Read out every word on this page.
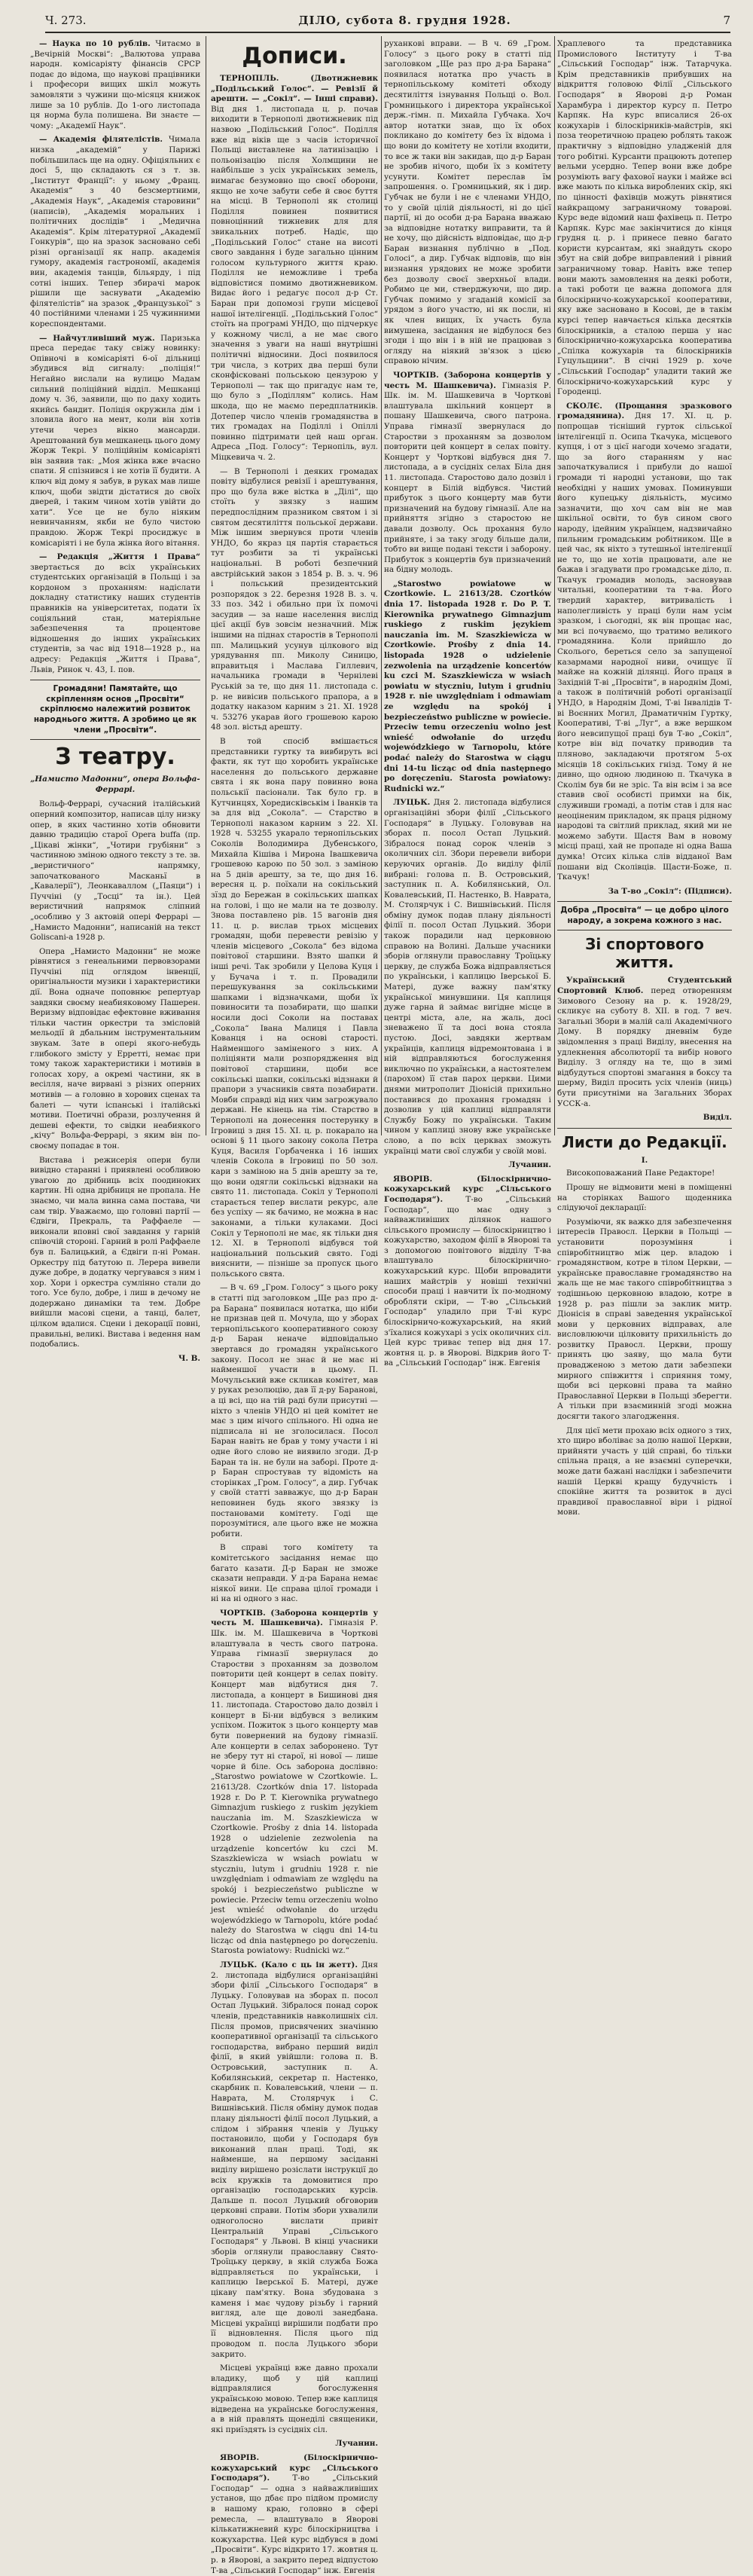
Ч. 273.	ДІЛО, субота 8. грудня 1928.	7

— Наука по 10 рублів. Читаємо в „Вечірній Москві“: „Валютова управа народн. комісаріяту фінансів СРСР подає до відома, що наукові працівники і професори вищих шкіл можуть замовляти з чужини що-місяця книжок лише за 10 рублів. До 1-ого листопада ця норма була полишена. Ви знаєте — чому: „Академії Наук“.

— Академія філятелістів. Чимала низка „академій“ у Парижі побільшилась ще на одну. Офіціяльних є досі 5, що складають ся з т. зв. „Інститут Франції“: у ньому „Франц. Академія“ з 40 безсмертними, „Академія Наук“, „Академія старовини“ (написів), „Академія моральних і політичних дослідів“ і „Медична Академія“. Крім літературної „Академії Гонкурів“, що на зразок засновано себі різні організації як напр. академія гумору, академія гастрономії, академія вин, академія танців, більярду, і під сотні інших. Тепер збирачі марок рішили ще заснувати „Академію філятелістів“ на зразок „Французької“ з 40 постійними членами і 25 чужинними кореспондентами.

— Найчутливіший муж. Паризька преса передає таку свіжу новинку: Опівночі в комісаріяті 6-ої дільниці збудився від сигналу: „поліція!“ Негайно вислали на вулицю Мадам сильний поліційний відділ. Мешканці дому ч. 36, заявили, що по даху ходить якийсь бандит. Поліція окружила дім і зловила його на мент, коли він хотів утечи через вікно мансарди. Арештований був мешканець цього дому Жорж Текрі. У поліційнім комісаріяті він заявив так: „Моя жінка вже вчасно спати. Я спізнився і не хотів її будити. А ключ від дому я забув, в руках мав лише ключ, щоби звідти дістатися до своїх дверей, і таким чином хотів увійти до хати“. Усе це не було ніяким невинчанням, якби не було чистою правдою. Жорж Текрі просиджує в комісаріяті і не була жінка його вітання.

— Редакція „Життя і Права“ звертається до всіх українських студентських організацій в Польщі і за кордоном з проханням: надіслати докладну статистику наших студентів правників на університетах, подати їх соціяльний стан, матеріяльне забезпечення та процентове відношення до інших українських студентів, за час від 1918—1928 р., на адресу: Редакція „Життя і Права“, Львів, Ринок ч. 43, І. пов.

Громадяни! Памятайте, що скріпленням основ „Просвіти“ скріплюємо належитий розвиток народнього життя. А зробимо це як члени „Просвіти“.
З театру.

„Намисто Мадонни“, опера Вольфа-Феррарі.

Вольф-Феррарі, сучасний італійський оперний композитор, написав цілу низку опер, в яких частинно хотів обновити давню традицію старої Opera buffa (пр. „Цікаві жінки“, „Чотири грубіяни“ з частинною зміною одного тексту з те. зв. „веристичного“ напрямку, започаткованого Масканьї в „Кавалерії“), Леонкаваллом („Паяци“) і Пуччіні (у „Тосці“ та ін.). Цей веристичний напрямок сліпний „особливо у 3 актовій опері Феррарі — „Намисто Мадонни“, написаній на текст Goliscani-a 1928 р.

Опера „Намисто Мадонни“ не може рівнятися з генеальними первовзорами Пуччіні під оглядом інвенції, оригінальности музики і характеристики дії. Вона одначе поповнює репертуар завдяки своєму неабияковому Пашерен. Веризму відповідає ефектовне вживання тільки частин оркестри та змісловій мельодії й дбальним інструментальним звукам. Зате в опері якого-небудь глибокого змісту у Ерретті, немає при тому також характеристики і мотивів в голосах хору, а окремі частини, як в весілля, наче вирвані з різних оперних мотивів — а головно в хорових сценах та балеті — чути іспанські і італійські мотиви. Поетичні образи, розлучення й дешеві ефекти, то свідки неабиякого „кічу“ Вольфа-Феррарі, з яким він по-своєму попадає в тон.

Вистава і режисерія опери були вивідно старанні і приявлені особливою увагою до дрібниць всіх поодиноких картин. Ні одна дрібниця не пропала. Не знаємо, чи мала винна сама постава, чи сам твір. Уважаємо, що головні партії — Єдвіги, Прекраль, та Раффаеле — виконали вповні свої завдання у гарній співочій стороні. Гарний в ролі Раффаеле був п. Балицький, а Єдвіги п-ні Роман. Оркестру під батутою п. Лерера вивели дуже добре, в додатку чергувався з ним і хор. Хори і оркестра сумлінно стали до того. Усе було, добре, і лиш в дечому не додержано динаміки та тем. Добре вийшли масові сцени, а танці, балет, цілком вдалися. Сцени і декорації повні, правильні, великі. Вистава і ведення нам подобались.

Ч. В.

Дописи.

ТЕРНОПІЛЬ. (Двотижневик „Подільський Голос“. — Ревізії й арешти. — „Сокіл“. — Інші справи). Від дня 1. листопада ц. р. почав виходити в Тернополі двотижневик під назвою „Подільський Голос“. Поділля вже від віків ще з часів історичної Польщі виставлене на латинізацію і польонізацію після Холмщини не найбільше з усіх українських земель, вимагає безумовно що своєї оборони, якщо не хоче забути себе й своє буття на місці. В Тернополі як столиці Поділля повинен появитися повноцінний тижневик для для звикальних потреб. Надіє, що „Подільський Голос“ стане на висоті свого завдання і буде загально цінним голосом культурного життя краю. Поділля не неможливе і треба відповістися помимо двотижневиком. Видає його і редагує посол д-р Ст. Баран при допомозі групи місцевої нашої інтелігенції. „Подільський Голос“ стоїть на програмі УНДО, що підчеркує у кожному числі, а не має свого значення з уваги на наші внутрішні політичні відносини. Досі появилося три числа, з котрих два перші були сконфісковані польською цензурою у Тернополі — так що пригадує нам те, що було з „Поділлям“ колись. Нам шкода, що не маємо передплатників. Дотепер число членів громадянства в тих громадах на Поділлі і Опіллі повинно підтримати цей наш орган. Адреса „Под. Голосу“: Тернопіль, вул. Міцкевича ч. 2.

— В Тернополі і деяких громадах повіту відбулися ревізії і арештування, про що була вже вістка в „Ділі“, що стоїть у звязку з нашим передпослідним празником святом і зі святом десятиліття польської держави. Між іншим звернувся проти членів УНДО, бо якраз ця партія старається тут розбити за ті українські національні. В роботі безпечний австрійський закон з 1854 р. В. з. ч. 96 і польський президентський розпорядок з 22. березня 1928 В. з. ч. 33 поз. 342 і обильно при їх помочі засудив — за наше населення вислід цієї акції був зовсім незначний. Між іншими на піднах старостів в Тернополі пп. Малицький усунув цілкового від урядування пп. Миколу Синицю, вправитьця і Маслава Гиллевич, начальника громади в Чернілеві Руській за те, що дня 11. листопада с. р. не вивісив польського прапора, а в додатку наказом карним з 21. XI. 1928 ч. 53276 укарав його грошевою карою 48 зол. вістьд арешту.

В той спосіб вмішається представники гуртку та вивбируть всі факти, як тут що хоробить українське населення до польського державне свята і як вона пару повинно вона польськії пасіонали. Так було гр. в Кутчинцях, Хоредисківськім і Іванків та за для від „Сокола“. — Старство в Тернополі наказом карним з 22. ХІ. 1928 ч. 53255 укарало тернопільських Соколів Володимира Дубенського, Михайла Кішіва і Мирона Івашкевича грошевою карою по 50 зол. з заміною на 5 днів арешту, за те, що дня 16. вересня ц. р. поїхали на сокільський зїзд до Бережан в сокільських шапках на голові, і що не мали на те дозволу. Знова поставлено рів. 15 вагонів дня 11. ц. р. вислав трьох місцевих громадян, щоби перевести ревізію у членів місцевого „Сокола“ без відома повітової старшини. Взято шапки й інші речі. Так зробили у Целова Куця і у Бучача і т. п. Провадили перешукування за сокільськими шапками і відзначками, щоби їх повиносити та позабирати, що шапки носили досі Соколи на поставах „Сокола“ Івана Малиця і Павла Кованця і на основі старості. Найменшого заміненого з них. А поліціянти мали розпорядження від повітової старшини, щоби все сокільські шапки, сокільські відзнаки й прапори з учасників свята позабирати. Мовби справді від них чим загрожувало державі. Не кінець на тім. Старство в Тернополі на донесення постерунку в Ігровиці з дня 15. XI. ц. р. покарало на основі § 11 цього закону сокола Петра Куця, Василя Горбаченка і 16 інших членів Сокола в Ігровиці по 50 зол. кари з заміною на 5 днів арешту за те, що вони одягли сокільські відзнаки на свято 11. листопада. Сокіл у Тернополі старається тепер вислати рекурс, але без успіху — як бачимо, не можна в нас законами, а тільки кулаками. Досі Сокіл у Тернополі не має, як тільки дня 12. XI. в Тернополі відбувся той національний польський свято. Годі вияснити, — пізніше за пропуск цього польського свята.

— В ч. 69 „Гром. Голосу“ з цього року в статті під заголовком „Ще раз про д-ра Барана“ появилася нотатка, що ніби не признав цей п. Мочула, що у зборах тернопільського кооперативного союзу д-р Баран неначе відповідально звертався до громадян українського закону. Посол не знає й не має ні найменшої участи в цьому. П. Мочульський вже скликав комітет, мав у руках резолюцію, дав її д-ру Баранові, а ці всі, що на тій раді були присутні — ніхто з членів УНДО ні цей комітет не має з цим нічого спільного. Ні одна не підписала ні не зголосилася. Посол Баран навіть не брав у тому участи і ні одне його слово не виявило згоди. Д-р Баран та ін. не були на заборі. Проте д-р Баран спростував ту відомість на сторінках „Гром. Голосу“, а дир. Губчак у своїй статті завважує, що д-р Баран неповинен будь якого звязку із постановами комітету. Годі ще порозумітися, але цього вже не можна робити.

В справі того комітету та комітетського засідання немає що багато казати. Д-р Баран не зможе сказати неправди. У д-ра Барана немає ніякої вини. Це справа цілої громади і ні на ні одного з нас.

ЧОРТКІВ. (Заборона концертів у честь М. Шашкевича). Гімназія Р. Шк. ім. М. Шашкевича в Чорткові влаштувала в честь свого патрона. Управа гімназії звернулася до Старостви з проханням за дозволом повторити цей концерт в селах повіту. Концерт мав відбутися дня 7. листопада, а концерт в Бишинові дня 11. листопада. Старостово дало дозвіл і концерт в Бі-ни відбувся з великим успіхом. Пожиток з цього концерту мав бути повернений на будову гімназії. Але концерти в селах заборонено. Тут не зберу тут ні старої, ні нової — лише чорне й біле. Ось заборона дослівно: „Starostwo powiatowe w Czortkowie. L. 21613/28. Czortków dnia 17. listopada 1928 r. Do P. T. Kierownika prywatnego Gimnazjum ruskiego z ruskim językiem nauczania im. M. Szaszkiewicza w Czortkowie. Prośby z dnia 14. listopada 1928 o udzielenie zezwolenia na urządzenie koncertów ku czci M. Szaszkiewicza w wsiach powiatu w styczniu, lutym i grudniu 1928 r. nie uwzględniam i odmawiam ze względu na spokój i bezpieczeństwo publiczne w powiecie. Przeciw temu orzeczeniu wolno jest wnieść odwołanie do urzędu wojewódzkiego w Tarnopolu, które podać należy do Starostwa w ciągu dni 14-tu licząc od dnia następnego po doręczeniu. Starosta powiatowy: Rudnicki wz.“

ЛУЦЬК. (Кало с ць ін жетт). Дня 2. листопада відбулися організаційні збори філії „Сільського Господаря“ в Луцьку. Головував на зборах п. посол Остап Луцький. Зібралося понад сорок членів, представників навколишніх сіл. Після промов, присвячених значінню кооперативної організації та сільського господарства, вибрано перший виділ філії, в який увійшли: голова п. В. Островський, заступник п. А. Кобилянський, секретар п. Настенко, скарбник п. Ковалевський, члени — п. Наврата, М. Столярчук і С. Вишнівський. Після обміну думок подав плану діяльності філії посол Луцький, а слідом і зібрання членів у Луцьку постановило, щоби у Господаря був виконаний план праці. Тоді, як найменше, на першому засіданні виділу вирішено розіслати інструкції до всіх кружків та домовитися про організацію господарських курсів. Дальше п. посол Луцький обговорив церковні справи. Потім збори ухвалили одноголосно вислати привіт Центральній Управі „Сільського Господаря“ у Львові. В кінці учасники зборів оглянули православну Свято-Троїцьку церкву, в якій служба Божа відправляється по українськи, і каплицю Іверської Б. Матері, дуже цікаву пам'ятку. Вона збудована з каменя і має чудову різьбу і гарний вигляд, але ще доволі занедбана. Місцеві українці вирішили подбати про її відновлення. Після цього під проводом п. посла Луцького збори закрито.

Місцеві українці вже давно прохали владику, щоб у цій каплиці відправлялися богослуження українською мовою. Тепер вже каплиця відведена на українське богослуження, а в ній правлять щонеділі священики, які приїздять із сусідніх сіл.

Лучанин.

ЯВОРІВ. (Білоскірнично-кожухарський курс „Сільського Господаря“).	Т-во „Сільський Господар“ — одна з найважливіших установ, що дбає про підйом промислу в нашому краю, головно в сфері ремесла, — влаштувало в Яворові кількатижневий курс білоскірництва і кожухарства. Цей курс відбувся в домі „Просвіти“. Курс відкрито 17. жовтня ц. р. в Яворові, а закрито перед відпустою Т-ва „Сільський Господар“ інж. Евгенія

руханкові вправи. — В ч. 69 „Гром. Голосу“ з цього року в статті під заголовком „Ще раз про д-ра Барана“ появилася нотатка про участь в тернопільському комітеті обходу десятиліття ізнування Польщі о. Вол. Громницького і директора української держ.-гімн. п. Михайла Губчака. Хоч автор нотатки знав, що їх обох покликано до комітету без їх відома і що вони до комітету не хотіли входити, то все ж таки він закидав, що д-р Баран не зробив нічого, щоби їх з комітету усунути. Комітет переслав їм запрошення. о. Громницький, як і дир. Губчак не були і не є членами УНДО, то у своїй цілій діяльності, ні до цієї партії, ні до особи д-ра Барана вважаю за відповідне нотатку виправити, та й не хочу, що дійсність відповідає, що д-р Баран визнання публічно в „Под. Голосі“, а дир. Губчак відповів, що він визнання урядових не може зробити без дозволу своєї зверхньої влади. Робимо це ми, стверджуючи, що дир. Губчак помимо у згаданій комісії за урядом з його участю, ні як посли, ні як член вищих, їх участь була вимушена, засідання не відбулося без згоди і що він і в ній не працював з огляду на ніякий зв'язок з цією справою нічим.

ЧОРТКІВ. (Заборона концертів у честь М. Шашкевича). Гімназія Р. Шк. ім. М. Шашкевича в Чорткові влаштувала шкільний концерт в пошану Шашкевича, свого патрона. Управа гімназії звернулася до Старостви з проханням за дозволом повторити цей концерт в селах повіту. Концерт у Чорткові відбувся дня 7. листопада, а в сусідніх селах Біла дня 11. листопада. Старостово дало дозвіл і концерт в Білій відбувся. Чистий прибуток з цього концерту мав бути призначений на будову гімназії. Але на прийняття згідно з старостою не давали дозволу. Ось прохання було прийняте, і за таку згоду більше дали, тобто ви вище подані тексти і заборону. Прибуток з концертів був призначений на бідну молодь.

„Starostwo powiatowe w Czortkowie. L. 21613/28. Czortków dnia 17. listopada 1928 r. Do P. T. Kierownika prywatnego Gimnazjum ruskiego z ruskim językiem nauczania im. M. Szaszkiewicza w Czortkowie. Prośby z dnia 14. listopada 1928 o udzielenie zezwolenia na urządzenie koncertów ku czci M. Szaszkiewicza w wsiach powiatu w styczniu, lutym i grudniu 1928 r. nie uwzględniam i odmawiam ze względu na spokój i bezpieczeństwo publiczne w powiecie. Przeciw temu orzeczeniu wolno jest wnieść odwołanie do urzędu wojewódzkiego w Tarnopolu, które podać należy do Starostwa w ciągu dni 14-tu licząc od dnia następnego po doręczeniu. Starosta powiatowy: Rudnicki wz.“

ЛУЦЬК. Дня 2. листопада відбулися організаційні збори філії „Сільського Господаря“ в Луцьку. Головував на зборах п. посол Остап Луцький. Зібралося понад сорок членів з околичних сіл. Збори перевели вибори керуючих органів. До виділу філії вибрані: голова п. В. Островський, заступник п. А. Кобилянський, Ол. Ковалевський, П. Настенко, В. Наврата, М. Столярчук і С. Вишнівський. Після обміну думок подав плану діяльності філії п. посол Остап Луцький. Збори також порадили над церковною справою на Волині. Дальше учасники зборів оглянули православну Троїцьку церкву, де служба Божа відправляється по українськи, і каплицю Іверської Б. Матері, дуже важну пам'ятку української минувшини. Ця каплиця дуже гарна й займає вигідне місце в центрі міста, але, на жаль, досі зневажено її та досі вона стояла пустою. Досі, завдяки жертвам українців, каплиця відремонтована і в ній відправляються богослуження виключно по українськи, а настоятелем (парохом) її став парох церкви. Цими днями митрополит Діонісій прихильно поставився до прохання громадян і дозволив у цій каплиці відправляти Службу Божу по українськи. Таким чином у каплиці знову вже українське слово, а по всіх церквах зможуть українці мати свої служби у своїй мові.

Лучанин.

ЯВОРІВ. (Білоскірнично-кожухарський курс „Сільського Господаря“).	Т-во „Сільський Господар“, що має одну з найважливіших ділянок нашого сільського промислу — білоскірництво і кожухарство, заходом філії в Яворові та з допомогою повітового відділу Т-ва влаштувало білоскірнично-кожухарський курс. Щоби впровадити наших майстрів у новіші технічні способи праці і навчити їх по-модному обробляти скіри, — Т-во „Сільський Господар“ уладило при Т-ві курс білоскірничо-кожухарський, на який з'їхалися кожухарі з усіх околичних сіл. Цей курс триває тепер від дня 17. жовтня ц. р. в Яворові. Відкрив його Т-ва „Сільський Господар“ інж. Евгенія

Храплевого та представника Промислового Інституту і Т-ва „Сільський Господар“ інж. Татарчука. Крім представників прибувших на відкриття головою Філії „Сільського Господаря“ в Яворові д-р Роман Харамбура і директор курсу п. Петро Карпяк. На курс вписалися 26-ох кожухарів і білоскірників-майстрів, які поза теоретичною працею роблять також практичну з відповідно уладженій для того робітні. Курсанти працюють дотепер вельми усердно. Тепер вони вже добре розуміють вагу фахової науки і майже всі вже мають по кілька вироблених скір, які по цінності фахівців можуть рівнятися найкращому заграничному товарові. Курс веде відомий наш фахівець п. Петро Карпяк. Курс має закінчитися до кінця грудня ц. р. і принесе певно багато користи курсантам, які знайдуть скоро збут на свій добре виправлений і рівний заграничному товар. Навіть вже тепер вони мають замовлення на деякі роботи, а такі роботи це важна допомога для білоскірничо-кожухарської кооперативи, яку вже засновано в Косові, де в такім курсі тепер навчається кілька десятків білоскірників, a сталою перша у нас білоскірнично-кожухарська кооператива „Спілка кожухарів та білоскірників Гуцульщини“. В січні 1929 р. хоче „Сільський Господар“ уладити такий же білоскірничо-кожухарський курс у Городенці.

СКОЛЄ. (Прощання зразкового громадянина). Дня 17. XI. ц. р. попрощав тісніший гурток сільської інтелігенції п. Осипа Ткачука, місцевого купця, і от з цієї нагоди хочемо згадати, що за його старанням у нас започаткувалися і прибули до нашої громади ті народні установи, що так необхідні у наших умовах. Поминувши його купецьку діяльність, мусимо зазначити, що хоч сам він не мав шкільної освіти, то був сином свого народу, ідейним українцем, надзвичайно пильним громадським робітником. Ще в цей час, як ніхто з тутешньої інтелігенції не то, що не хотів працювати, але не бажав і згадувати про громадське діло, п. Ткачук громадив молодь, засновував читальні, кооперативи та т-ва. Його твердий характер, витривалість і наполегливість у праці були нам усім зразком, і сьогодні, як він прощає нас, ми всі почуваємо, що тратимо великого громадянина. Коли прийшло до Сколього, береться село за запущеної казармами народної ниви, очищує її майже на кожній ділянці. Його праця в Західній Т-ві „Просвіти“, в народнім Домі, а також в політичній роботі організації УНДО, в Народнім Домі, Т-ві Інвалідів Т-ві Воєнних Могил, Драматичнім Гуртку, Кооперативі, Т-ві „Луг“, а вже вершком його невсипущої праці був Т-во „Сокіл“, котре він від початку приводив та пляново, закладаючи протягом 5-ох місяців 18 сокільських гнізд. Тому й не дивно, що одною людиною п. Ткачука в Сколім був би не зріс. Та він всім і за все ставив свої особисті примхи на бік, служивши громаді, а потім став і для нас неоціненим прикладом, як праця рідному народові та світлий приклад, який ми не можемо забути. Щастя Вам в новому місці праці, хай не пропаде ні одна Ваша думка! Отсих кілька слів відданої Вам пошани від Сколівців. Щасти-Боже, п. Ткачук!

За Т-во „Сокіл“: (Підписи).

Добра „Просвіта“ — це добро цілого народу, а зокрема кожного з нас.
Зі спортового життя.

Український Студентський Спортовий Клюб. перед отворенням Зимового Сезону на р. к. 1928/29, скликує на суботу 8. XII. в год. 7 веч. Загальні Збори в малій салі Академічного Дому. В порядку дневнім буде звідомлення з праці Виділу, внесення на удлекнення абсолюторії та вибір нового Виділу. З огляду на те, що в зимі відбудуться спортові змагання в боксу та шерму, Виділ просить усіх членів (ниць) бути присутніми на Загальних Зборах УССК-а.

Виділ.

Листи до Редакції.

I.

Високоповажаний Пане Редакторе!

Прошу не відмовити мені в поміщенні на сторінках Вашого щоденника слідуючої декларації:

Розуміючи, як важко для забезпечення інтересів Правосл. Церкви в Польщі — установити порозуміння і співробітництво між цер. владою і громадянством, котре в тілом Церкви, — українське православне громадянство на жаль ще не має такого співробітництва з тодішньою церковною владою, котре в 1928 р. раз пішли за заклик митр. Діонісія в справі заведення української мови у церковних відправах, але висловлюючи цілковиту прихильність до розвитку Правосл. Церкви, прошу принять цю заяву, що мала бути провадженою з метою дати забезпеки мирного співжиття і сприяння тому, щоби всі церковні права та майно Православної Церкви в Польщі зберегти. А тільки при взаєминній згоді можна досягти такого злагодження.

Для цієї мети прохаю всіх одного з тих, хто щиро вболіває за долю нашої Церкви, прийняти участь у цій справі, бо тільки спільна праця, а не взаємні суперечки, може дати бажані наслідки і забезпечити нашій Церкві кращу будучність і спокійне життя та розвиток в дусі правдивої православної віри і рідної мови.
